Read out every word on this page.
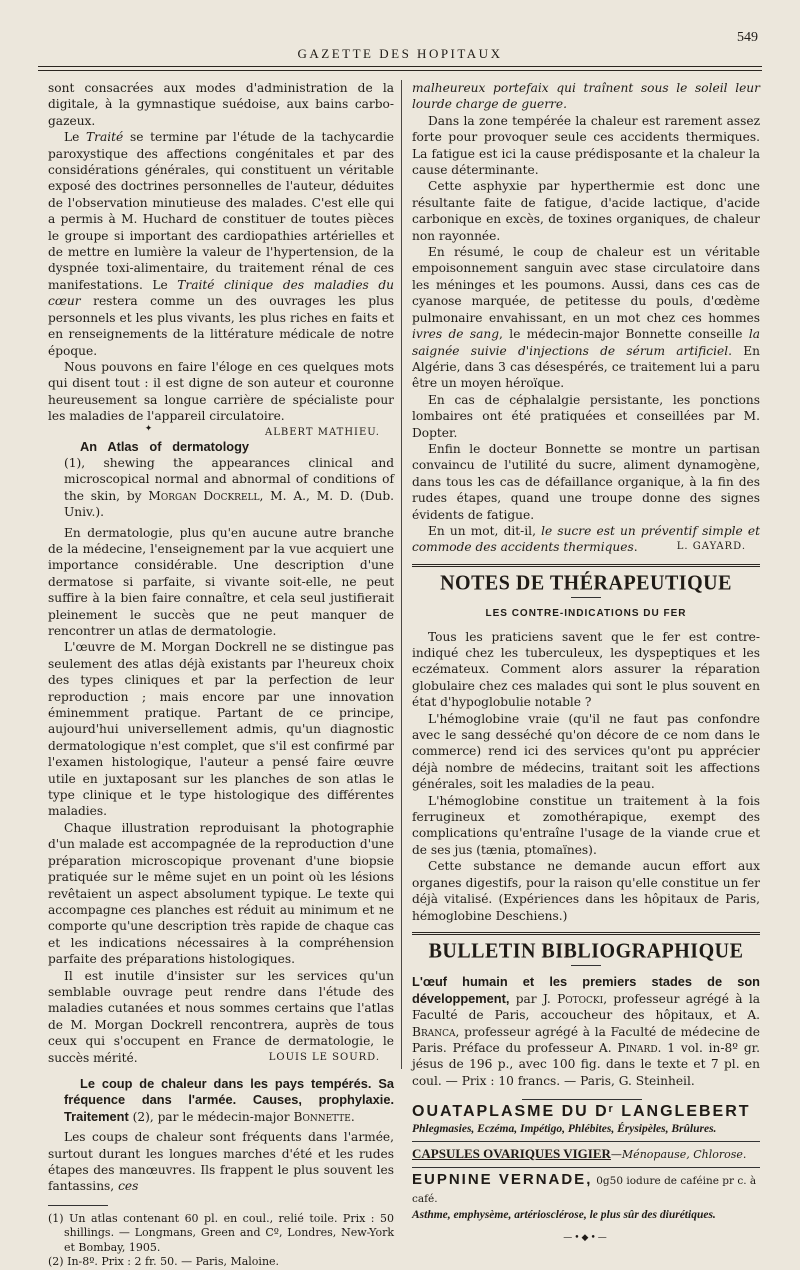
GAZETTE DES HOPITAUX
549

sont consacrées aux modes d'administration de la digitale, à la gymnastique suédoise, aux bains carbo-gazeux.

Le Traité se termine par l'étude de la tachycardie paroxystique des affections congénitales et par des considérations générales, qui constituent un véritable exposé des doctrines personnelles de l'auteur, déduites de l'observation minutieuse des malades. C'est elle qui a permis à M. Huchard de constituer de toutes pièces le groupe si important des cardiopathies artérielles et de mettre en lumière la valeur de l'hypertension, de la dyspnée toxi-alimentaire, du traitement rénal de ces manifestations. Le Traité clinique des maladies du cœur restera comme un des ouvrages les plus personnels et les plus vivants, les plus riches en faits et en renseignements de la littérature médicale de notre époque.

Nous pouvons en faire l'éloge en ces quelques mots qui disent tout : il est digne de son auteur et couronne heureusement sa longue carrière de spécialiste pour les maladies de l'appareil circulatoire.
ALBERT MATHIEU.

✦

An Atlas of dermatology (1), shewing the appearances clinical and microscopical normal and abnormal of conditions of the skin, by Morgan Dockrell, M. A., M. D. (Dub. Univ.).

En dermatologie, plus qu'en aucune autre branche de la médecine, l'enseignement par la vue acquiert une importance considérable. Une description d'une dermatose si parfaite, si vivante soit-elle, ne peut suffire à la bien faire connaître, et cela seul justifierait pleinement le succès que ne peut manquer de rencontrer un atlas de dermatologie.

L'œuvre de M. Morgan Dockrell ne se distingue pas seulement des atlas déjà existants par l'heureux choix des types cliniques et par la perfection de leur reproduction ; mais encore par une innovation éminemment pratique. Partant de ce principe, aujourd'hui universellement admis, qu'un diagnostic dermatologique n'est complet, que s'il est confirmé par l'examen histologique, l'auteur a pensé faire œuvre utile en juxtaposant sur les planches de son atlas le type clinique et le type histologique des différentes maladies.

Chaque illustration reproduisant la photographie d'un malade est accompagnée de la reproduction d'une préparation microscopique provenant d'une biopsie pratiquée sur le même sujet en un point où les lésions revêtaient un aspect absolument typique. Le texte qui accompagne ces planches est réduit au minimum et ne comporte qu'une description très rapide de chaque cas et les indications nécessaires à la compréhension parfaite des préparations histologiques.

Il est inutile d'insister sur les services qu'un semblable ouvrage peut rendre dans l'étude des maladies cutanées et nous sommes certains que l'atlas de M. Morgan Dockrell rencontrera, auprès de tous ceux qui s'occupent en France de dermatologie, le succès mérité.	LOUIS LE SOURD.

Le coup de chaleur dans les pays tempérés. Sa fréquence dans l'armée. Causes, prophylaxie. Traitement (2), par le médecin-major Bonnette.

Les coups de chaleur sont fréquents dans l'armée, surtout durant les longues marches d'été et les rudes étapes des manœuvres. Ils frappent le plus souvent les fantassins, ces

(1) Un atlas contenant 60 pl. en coul., relié toile. Prix : 50 shillings. — Longmans, Green and Cº, Londres, New-York et Bombay, 1905.

(2) In-8º. Prix : 2 fr. 50. — Paris, Maloine.

malheureux portefaix qui traînent sous le soleil leur lourde charge de guerre.

Dans la zone tempérée la chaleur est rarement assez forte pour provoquer seule ces accidents thermiques. La fatigue est ici la cause prédisposante et la chaleur la cause déterminante.

Cette asphyxie par hyperthermie est donc une résultante faite de fatigue, d'acide lactique, d'acide carbonique en excès, de toxines organiques, de chaleur non rayonnée.

En résumé, le coup de chaleur est un véritable empoisonnement sanguin avec stase circulatoire dans les méninges et les poumons. Aussi, dans ces cas de cyanose marquée, de petitesse du pouls, d'œdème pulmonaire envahissant, en un mot chez ces hommes ivres de sang, le médecin-major Bonnette conseille la saignée suivie d'injections de sérum artificiel. En Algérie, dans 3 cas désespérés, ce traitement lui a paru être un moyen héroïque.

En cas de céphalalgie persistante, les ponctions lombaires ont été pratiquées et conseillées par M. Dopter.

Enfin le docteur Bonnette se montre un partisan convaincu de l'utilité du sucre, aliment dynamogène, dans tous les cas de défaillance organique, à la fin des rudes étapes, quand une troupe donne des signes évidents de fatigue.

En un mot, dit-il, le sucre est un préventif simple et commode des accidents thermiques.	L. GAYARD.

NOTES DE THÉRAPEUTIQUE
LES CONTRE-INDICATIONS DU FER

Tous les praticiens savent que le fer est contre-indiqué chez les tuberculeux, les dyspeptiques et les eczémateux. Comment alors assurer la réparation globulaire chez ces malades qui sont le plus souvent en état d'hypoglobulie notable ?

L'hémoglobine vraie (qu'il ne faut pas confondre avec le sang desséché qu'on décore de ce nom dans le commerce) rend ici des services qu'ont pu apprécier déjà nombre de médecins, traitant soit les affections générales, soit les maladies de la peau.

L'hémoglobine constitue un traitement à la fois ferrugineux et zomothérapique, exempt des complications qu'entraîne l'usage de la viande crue et de ses jus (tænia, ptomaïnes).

Cette substance ne demande aucun effort aux organes digestifs, pour la raison qu'elle constitue un fer déjà vitalisé. (Expériences dans les hôpitaux de Paris, hémoglobine Deschiens.)

BULLETIN BIBLIOGRAPHIQUE

L'œuf humain et les premiers stades de son développement, par J. Potocki, professeur agrégé à la Faculté de Paris, accoucheur des hôpitaux, et A. Branca, professeur agrégé à la Faculté de médecine de Paris. Préface du professeur A. Pinard. 1 vol. in-8º gr. jésus de 196 p., avec 100 fig. dans le texte et 7 pl. en coul. — Prix : 10 francs. — Paris, G. Steinheil.

OUATAPLASME DU Dʳ LANGLEBERT
Phlegmasies, Eczéma, Impétigo, Phlébites, Érysipèles, Brûlures.
CAPSULES OVARIQUES VIGIER—Ménopause, Chlorose.
EUPNINE VERNADE, 0g50 iodure de caféine pr c. à café.
Asthme, emphysème, artériosclérose, le plus sûr des diurétiques.
—•◆•—
